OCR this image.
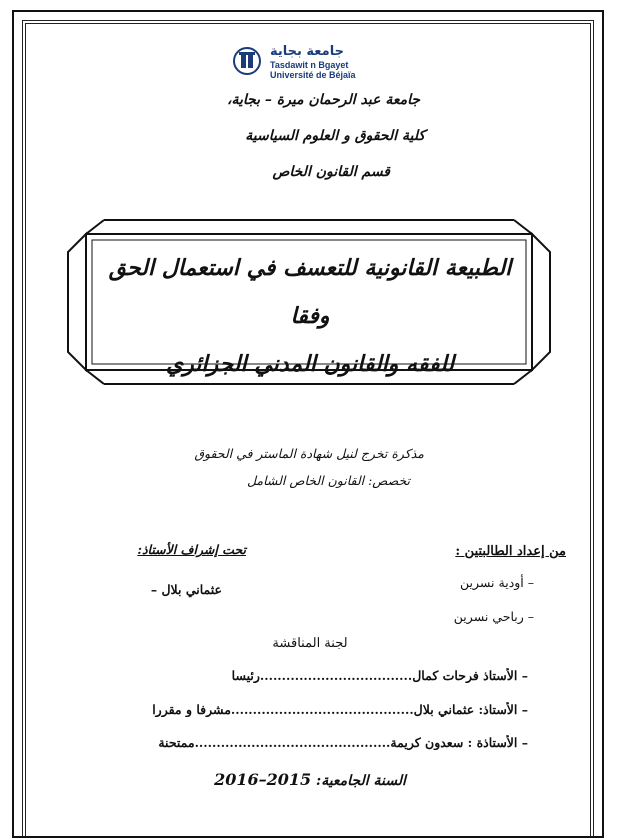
جامعة بجاية
Tasdawit n Bgayet
Université de Béjaïa
جامعة عبد الرحمان ميرة – بجاية،
كلية الحقوق و العلوم السياسية
قسم القانون الخاص
الطبيعة القانونية للتعسف في استعمال الحق وفقا
للفقه والقانون المدني الجزائري
مذكرة تخرج لنيل شهادة الماستر في الحقوق
تخصص: القانون الخاص الشامل
من إعداد الطالبتين :
– أودية نسرين
– رباحي نسرين
تحت إشراف الأستاذ:
عثماني بلال –
لجنة المناقشة
– الأستاذ فرحات كمال...................................رئيسا
– الأستاذ: عثماني بلال..........................................مشرفا و مقررا
– الأستاذة : سعدون كريمة.............................................ممتحنة
السنة الجامعية: 2015–2016
